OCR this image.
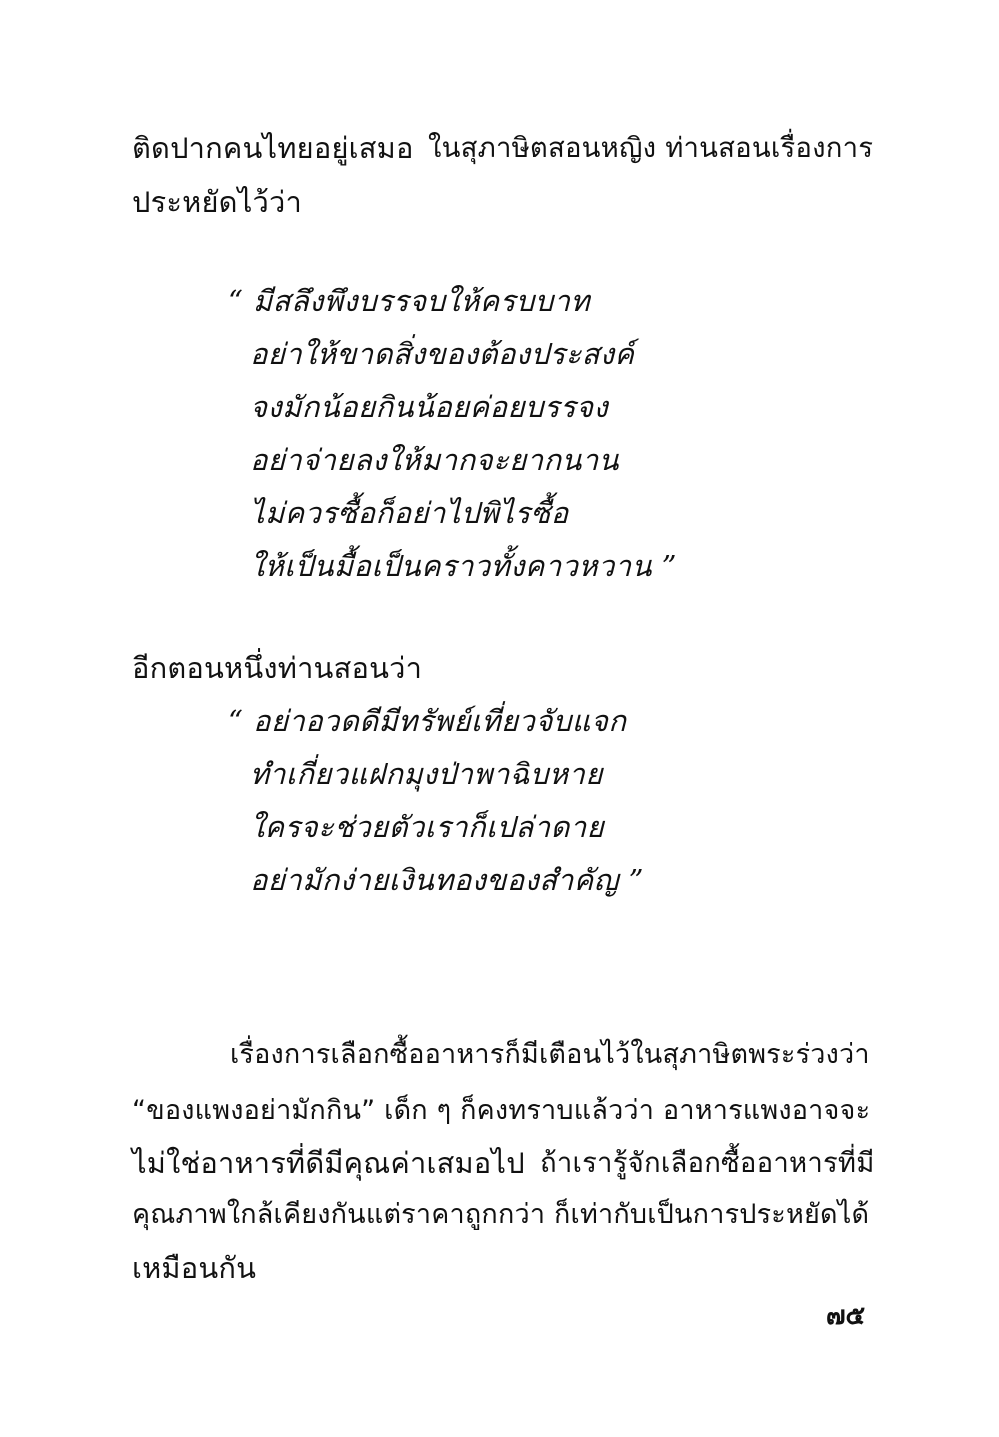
ติดปากคนไทยอยู่เสมอ ในสุภาษิตสอนหญิง ท่านสอนเรื่องการ
ประหยัดไว้ว่า
“ มีสลึงพึงบรรจบให้ครบบาท
อย่าให้ขาดสิ่งของต้องประสงค์
จงมักน้อยกินน้อยค่อยบรรจง
อย่าจ่ายลงให้มากจะยากนาน
ไม่ควรซื้อก็อย่าไปพิไรซื้อ
ให้เป็นมื้อเป็นคราวทั้งคาวหวาน ”
อีกตอนหนึ่งท่านสอนว่า
“ อย่าอวดดีมีทรัพย์เที่ยวจับแจก
ทำเกี่ยวแฝกมุงป่าพาฉิบหาย
ใครจะช่วยตัวเราก็เปล่าดาย
อย่ามักง่ายเงินทองของสำคัญ ”
เรื่องการเลือกซื้ออาหารก็มีเตือนไว้ในสุภาษิตพระร่วงว่า
“ของแพงอย่ามักกิน” เด็ก ๆ ก็คงทราบแล้วว่า อาหารแพงอาจจะ
ไม่ใช่อาหารที่ดีมีคุณค่าเสมอไป ถ้าเรารู้จักเลือกซื้ออาหารที่มี
คุณภาพใกล้เคียงกันแต่ราคาถูกกว่า ก็เท่ากับเป็นการประหยัดได้
เหมือนกัน
๗๕
